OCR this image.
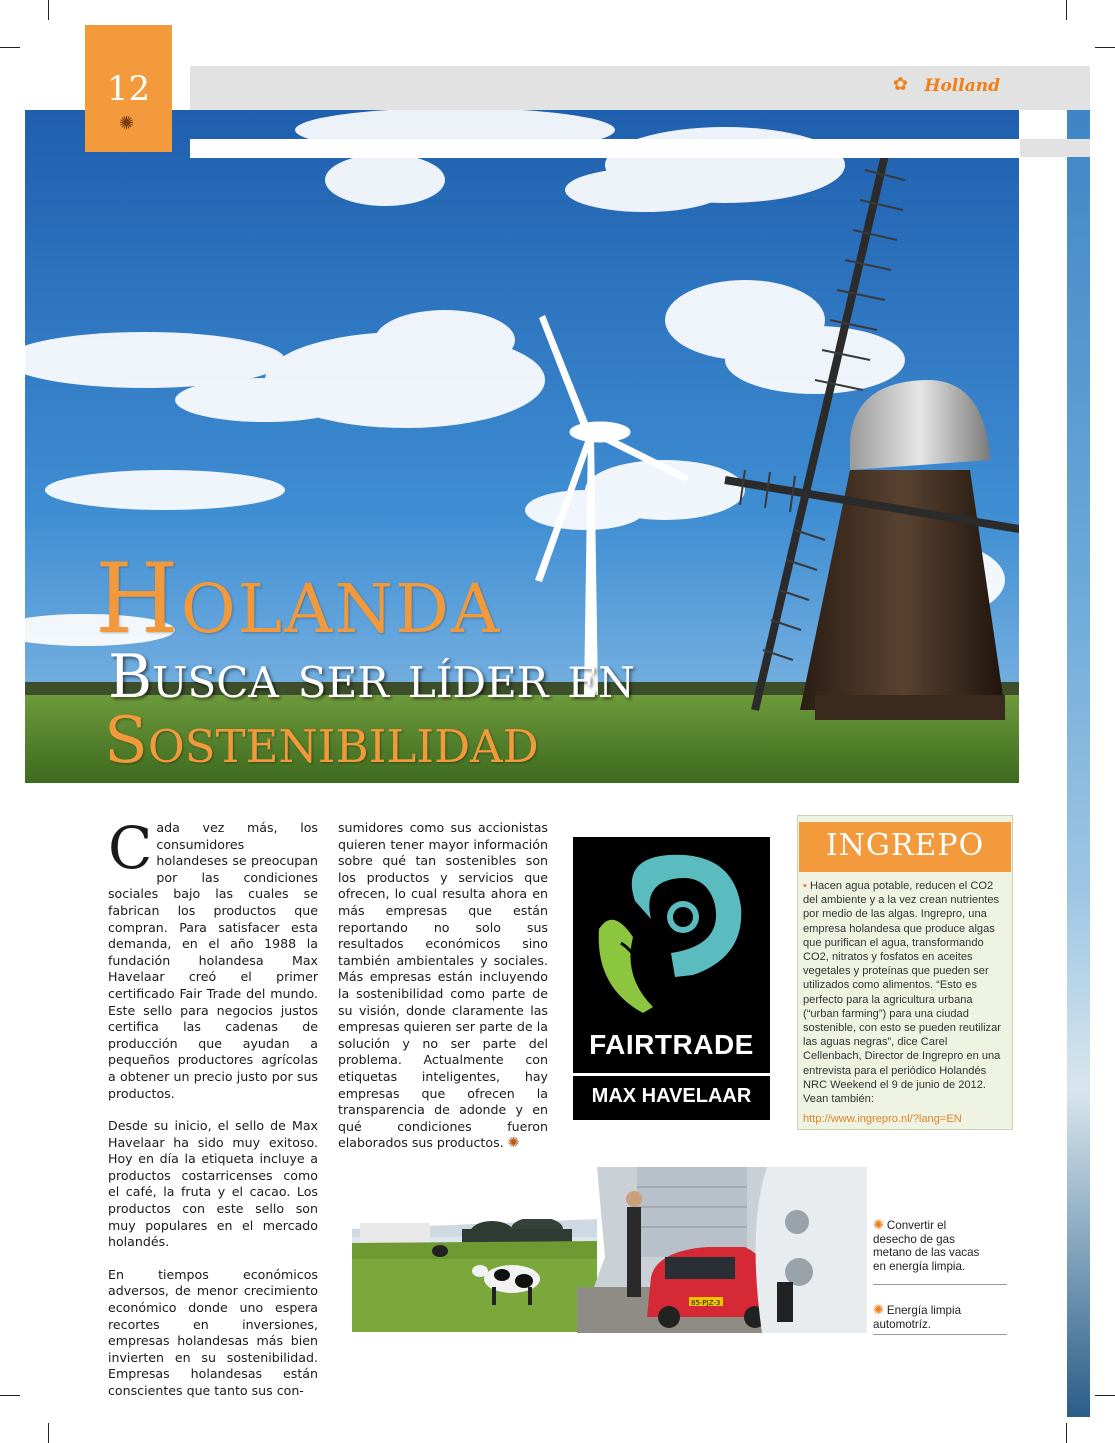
✿ Holland
12
✺
Holanda
Busca ser líder en
Sostenibilidad

Cada vez más, los consumidores holandeses se preocupan por las condiciones sociales bajo las cuales se fabrican los productos que compran. Para satisfacer esta demanda, en el año 1988 la fundación holandesa Max Havelaar creó el primer certificado Fair Trade del mundo. Este sello para negocios justos certifica las cadenas de producción que ayudan a pequeños productores agrícolas a obtener un precio justo por sus productos.

Desde su inicio, el sello de Max Havelaar ha sido muy exitoso. Hoy en día la etiqueta incluye a productos costarricenses como el café, la fruta y el cacao. Los productos con este sello son muy populares en el mercado holandés.

En tiempos económicos adversos, de menor crecimiento económico donde uno espera recortes en inversiones, empresas holandesas más bien invierten en su sostenibilidad. Empresas holandesas están conscientes que tanto sus con-

sumidores como sus accionistas quieren tener mayor información sobre qué tan sostenibles son los productos y servicios que ofrecen, lo cual resulta ahora en más empresas que están reportando no solo sus resultados económicos sino también ambientales y sociales. Más empresas están incluyendo la sostenibilidad como parte de su visión, donde claramente las empresas quieren ser parte de la solución y no ser parte del problema. Actualmente con etiquetas inteligentes, hay empresas que ofrecen la transparencia de adonde y en qué condiciones fueron elaborados sus productos. ✺

FAIRTRADE
MAX HAVELAAR
INGREPO
• Hacen agua potable, reducen el CO2 del ambiente y a la vez crean nutrientes por medio de las algas. Ingrepro, una empresa holandesa que produce algas que purifican el agua, transformando CO2, nitratos y fosfatos en aceites vegetales y proteínas que pueden ser utilizados como alimentos. “Esto es perfecto para la agricultura urbana (“urban farming”) para una ciudad sostenible, con esto se pueden reutilizar las aguas negras”, dice Carel Cellenbach, Director de Ingrepro en una entrevista para el periódico Holandés NRC Weekend el 9 de junio de 2012. Vean también:
http://www.ingrepro.nl/?lang=EN
85-PJZ-3
✺ Convertir el desecho de gas metano de las vacas en energía limpia.
✺ Energía limpia automotríz.
